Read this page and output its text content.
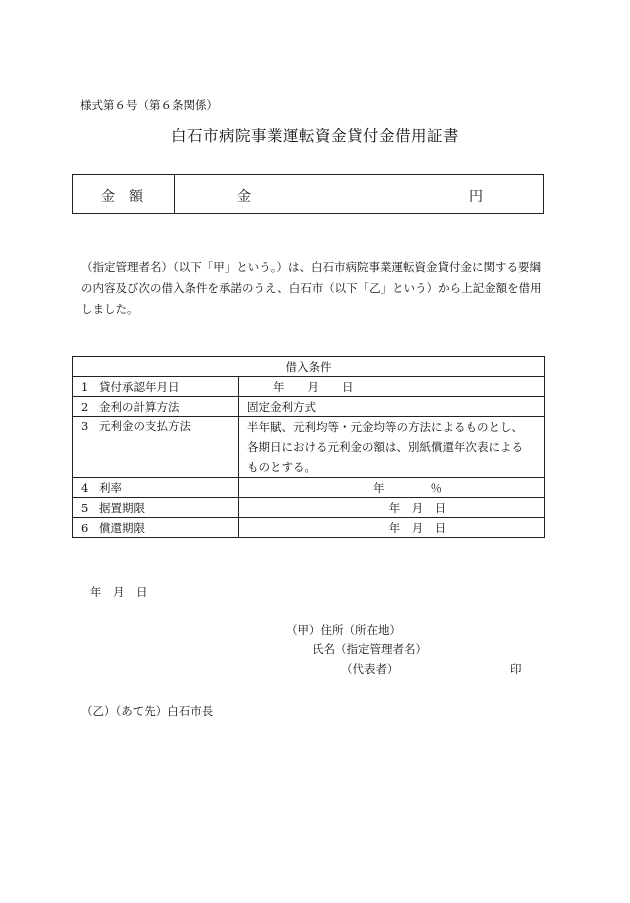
様式第６号（第６条関係）
白石市病院事業運転資金貸付金借用証書
金　額	金	円
（指定管理者名）（以下「甲」という。）は、白石市病院事業運転資金貸付金に関する要綱の内容及び次の借入条件を承諾のうえ、白石市（以下「乙」という）から上記金額を借用しました。
借入条件	
1 貸付承認年月日	年　　月　　日
2 金利の計算方法	固定金利方式
3 元利金の支払方法	半年賦、元利均等・元金均等の方法によるものとし、
各期日における元利金の額は、別紙償還年次表による
ものとする。

4 利率	年　　　　％
5 据置期限	年　月　日
6 償還期限	年　月　日
年　月　日
（甲）住所（所在地）
氏名（指定管理者名）
（代表者）	印
（乙）（あて先）白石市長
